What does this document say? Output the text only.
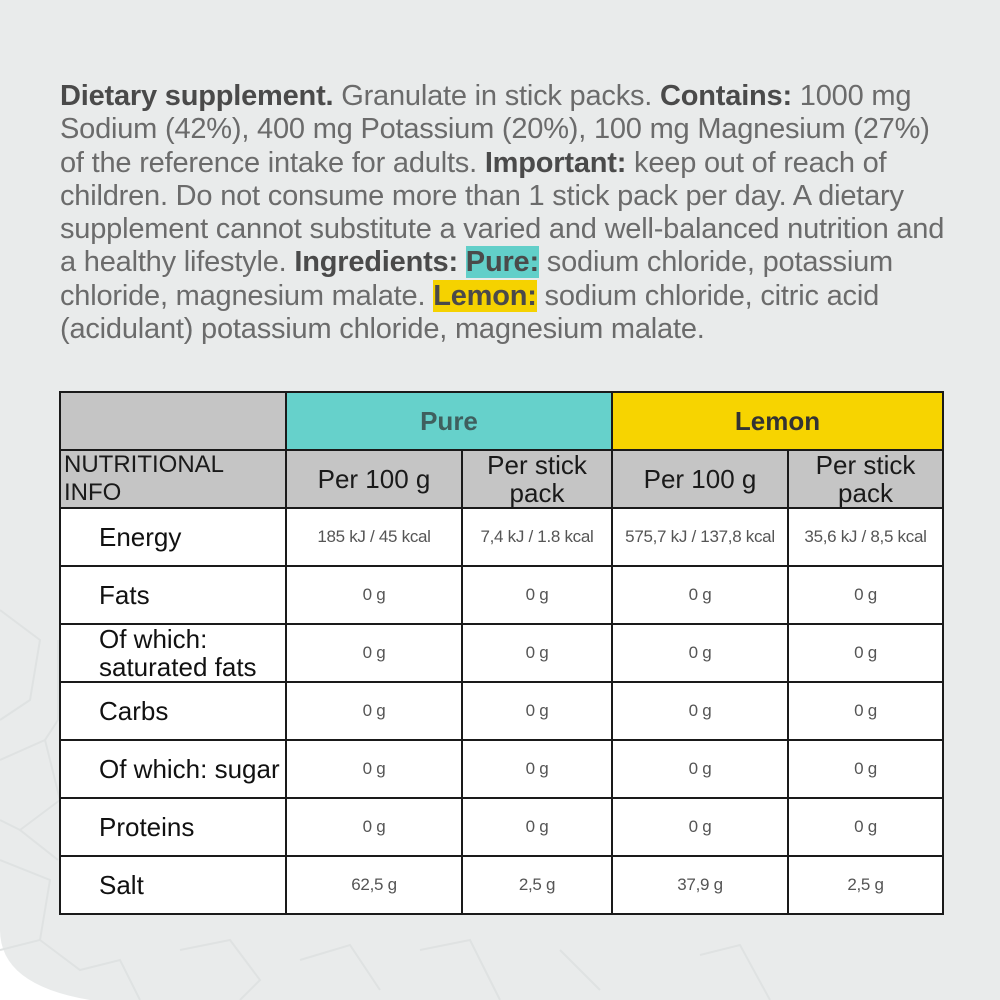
Dietary supplement. Granulate in stick packs. Contains: 1000 mg Sodium (42%), 400 mg Potassium (20%), 100 mg Magnesium (27%) of the reference intake for adults. Important: keep out of reach of children. Do not consume more than 1 stick pack per day. A dietary supplement cannot substitute a varied and well-balanced nutrition and a healthy lifestyle. Ingredients: Pure: sodium chloride, potassium chloride, magnesium malate. Lemon: sodium chloride, citric acid (acidulant) potassium chloride, magnesium malate.
	Pure		Lemon	
NUTRITIONAL INFO	Per 100 g	Per stick pack	Per 100 g	Per stick pack
Energy	185 kJ / 45 kcal	7,4 kJ / 1.8 kcal	575,7 kJ / 137,8 kcal	35,6 kJ / 8,5 kcal
Fats	0 g	0 g	0 g	0 g
Of which: saturated fats	0 g	0 g	0 g	0 g
Carbs	0 g	0 g	0 g	0 g
Of which: sugar	0 g	0 g	0 g	0 g
Proteins	0 g	0 g	0 g	0 g
Salt	62,5 g	2,5 g	37,9 g	2,5 g
